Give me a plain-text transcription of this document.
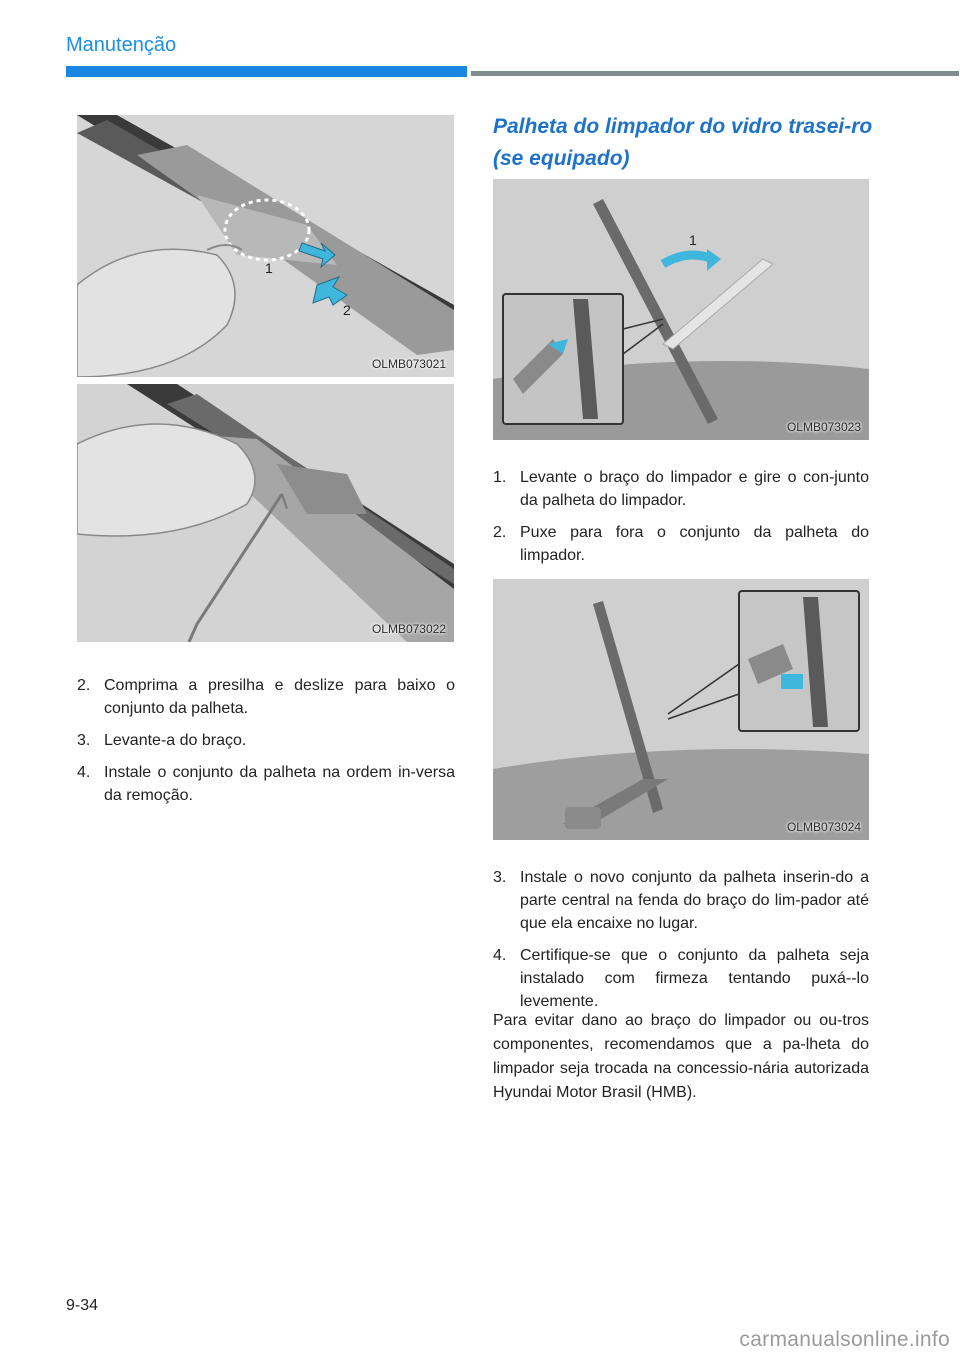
Manutenção
1
2
OLMB073021
OLMB073022
2. Comprima a presilha e deslize para baixo o conjunto da palheta.
3. Levante-a do braço.
4. Instale o conjunto da palheta na ordem in-versa da remoção.
Palheta do limpador do vidro trasei-ro (se equipado)
1
OLMB073023
1. Levante o braço do limpador e gire o con-junto da palheta do limpador.
2. Puxe para fora o conjunto da palheta do limpador.
OLMB073024
3. Instale o novo conjunto da palheta inserin-do a parte central na fenda do braço do lim-pador até que ela encaixe no lugar.
4. Certifique-se que o conjunto da palheta seja instalado com firmeza tentando puxá--lo levemente.

Para evitar dano ao braço do limpador ou ou-tros componentes, recomendamos que a pa-lheta do limpador seja trocada na concessio-nária autorizada Hyundai Motor Brasil (HMB).

9-34
carmanualsonline.info
